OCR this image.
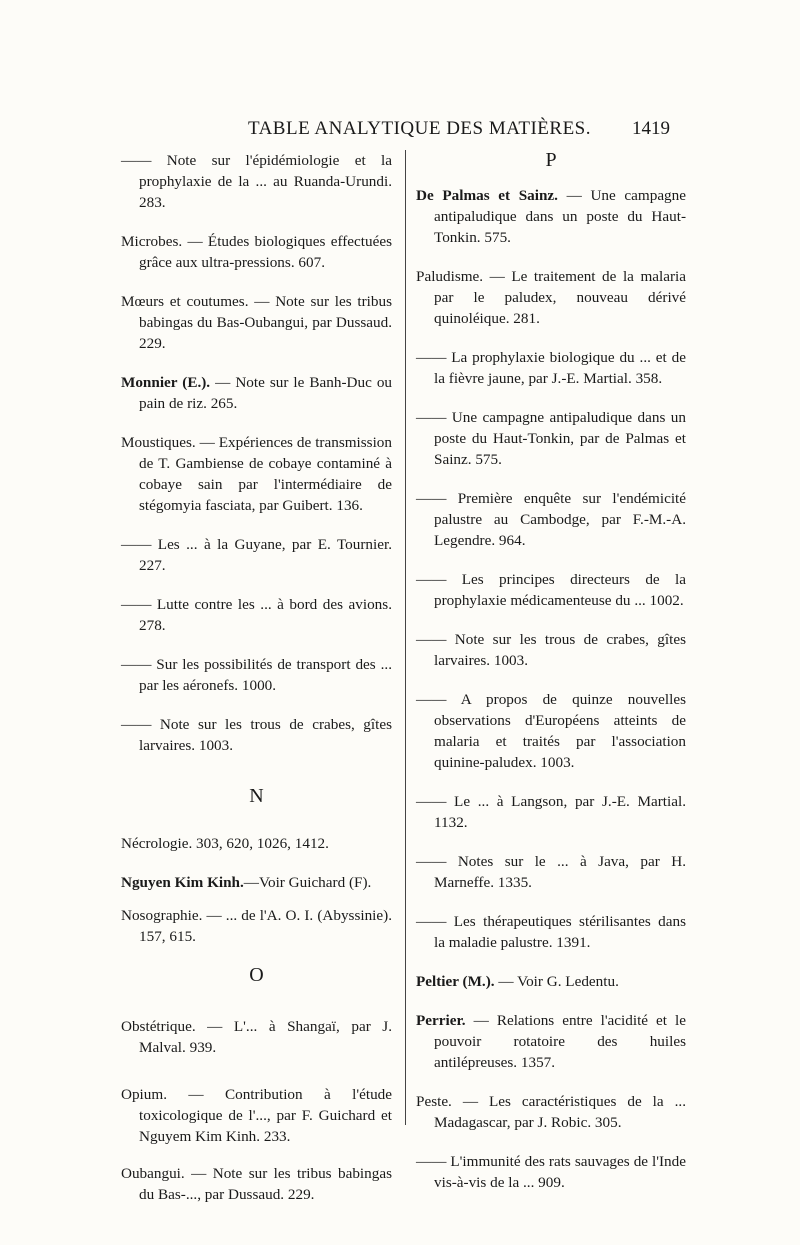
TABLE ANALYTIQUE DES MATIÈRES. 1419

—— Note sur l'épidémiologie et la prophylaxie de la ... au Ruanda-Urundi. 283.

Microbes. — Études biologiques effectuées grâce aux ultra-pressions. 607.

Mœurs et coutumes. — Note sur les tribus babingas du Bas-Oubangui, par Dussaud. 229.

Monnier (E.). — Note sur le Banh-Duc ou pain de riz. 265.

Moustiques. — Expériences de transmission de T. Gambiense de cobaye contaminé à cobaye sain par l'intermédiaire de stégomyia fasciata, par Guibert. 136.

—— Les ... à la Guyane, par E. Tournier. 227.

—— Lutte contre les ... à bord des avions. 278.

—— Sur les possibilités de transport des ... par les aéronefs. 1000.

—— Note sur les trous de crabes, gîtes larvaires. 1003.

N

Nécrologie. 303, 620, 1026, 1412.

Nguyen Kim Kinh.—Voir Guichard (F).

Nosographie. — ... de l'A. O. I. (Abyssinie). 157, 615.

O

Obstétrique. — L'... à Shangaï, par J. Malval. 939.

Opium. — Contribution à l'étude toxicologique de l'..., par F. Guichard et Nguyem Kim Kinh. 233.

Oubangui. — Note sur les tribus babingas du Bas-..., par Dussaud. 229.

P

De Palmas et Sainz. — Une campagne antipaludique dans un poste du Haut-Tonkin. 575.

Paludisme. — Le traitement de la malaria par le paludex, nouveau dérivé quinoléique. 281.

—— La prophylaxie biologique du ... et de la fièvre jaune, par J.-E. Martial. 358.

—— Une campagne antipaludique dans un poste du Haut-Tonkin, par de Palmas et Sainz. 575.

—— Première enquête sur l'endémicité palustre au Cambodge, par F.-M.-A. Legendre. 964.

—— Les principes directeurs de la prophylaxie médicamenteuse du ... 1002.

—— Note sur les trous de crabes, gîtes larvaires. 1003.

—— A propos de quinze nouvelles observations d'Européens atteints de malaria et traités par l'association quinine-paludex. 1003.

—— Le ... à Langson, par J.-E. Martial. 1132.

—— Notes sur le ... à Java, par H. Marneffe. 1335.

—— Les thérapeutiques stérilisantes dans la maladie palustre. 1391.

Peltier (M.). — Voir G. Ledentu.

Perrier. — Relations entre l'acidité et le pouvoir rotatoire des huiles antilépreuses. 1357.

Peste. — Les caractéristiques de la ... Madagascar, par J. Robic. 305.

—— L'immunité des rats sauvages de l'Inde vis-à-vis de la ... 909.
